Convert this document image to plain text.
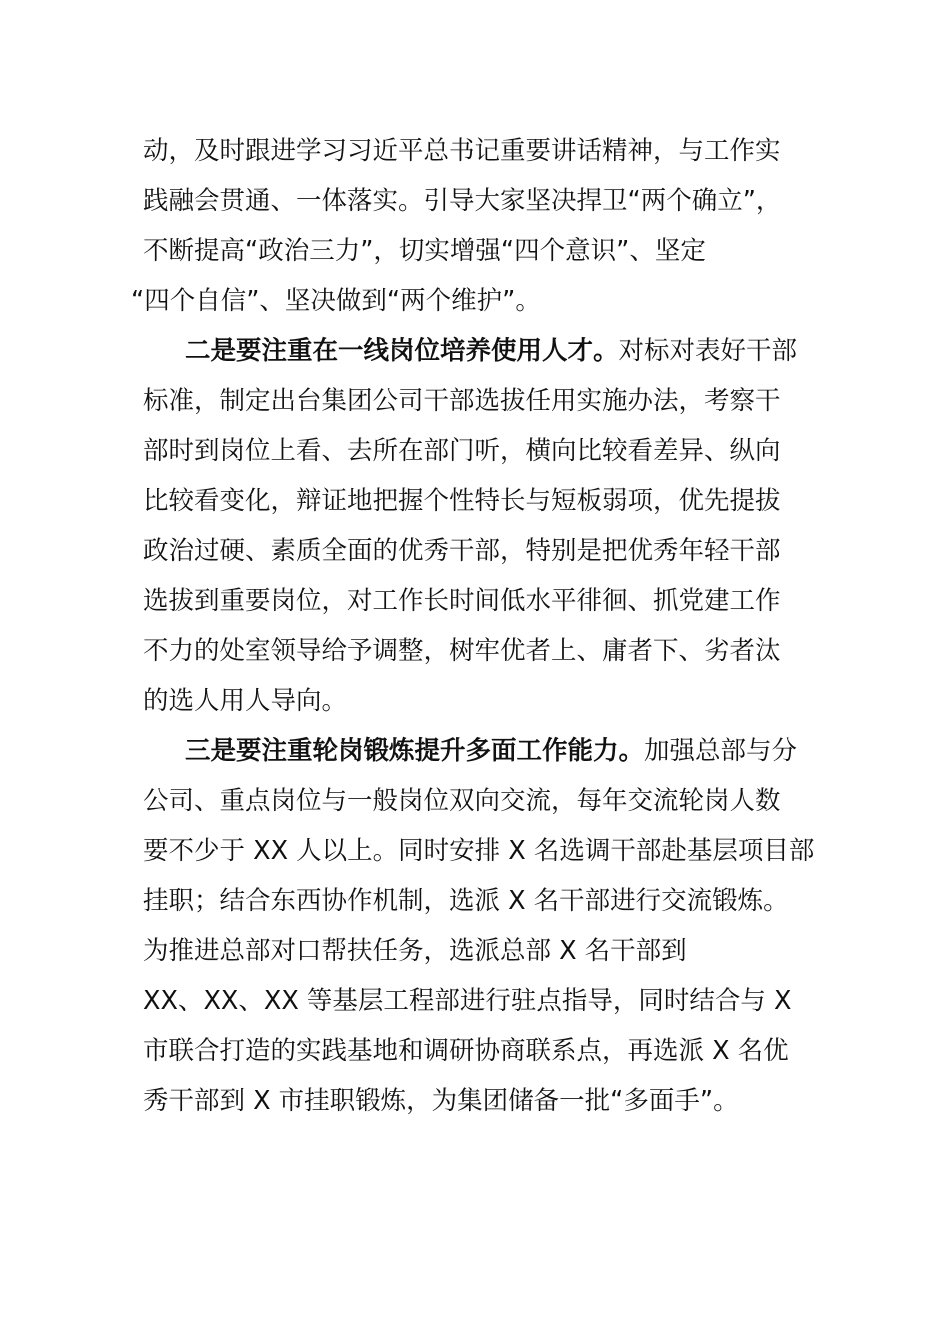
动，及时跟进学习习近平总书记重要讲话精神，与工作实
践融会贯通、一体落实。引导大家坚决捍卫“两个确立”，
不断提高“政治三力”，切实增强“四个意识”、坚定
“四个自信”、坚决做到“两个维护”。
二是要注重在一线岗位培养使用人才。对标对表好干部
标准，制定出台集团公司干部选拔任用实施办法，考察干
部时到岗位上看、去所在部门听，横向比较看差异、纵向
比较看变化，辩证地把握个性特长与短板弱项，优先提拔
政治过硬、素质全面的优秀干部，特别是把优秀年轻干部
选拔到重要岗位，对工作长时间低水平徘徊、抓党建工作
不力的处室领导给予调整，树牢优者上、庸者下、劣者汰
的选人用人导向。
三是要注重轮岗锻炼提升多面工作能力。加强总部与分
公司、重点岗位与一般岗位双向交流，每年交流轮岗人数
要不少于 XX 人以上。同时安排 X 名选调干部赴基层项目部
挂职；结合东西协作机制，选派 X 名干部进行交流锻炼。
为推进总部对口帮扶任务，选派总部 X 名干部到
XX、XX、XX 等基层工程部进行驻点指导，同时结合与 X
市联合打造的实践基地和调研协商联系点，再选派 X 名优
秀干部到 X 市挂职锻炼，为集团储备一批“多面手”。
